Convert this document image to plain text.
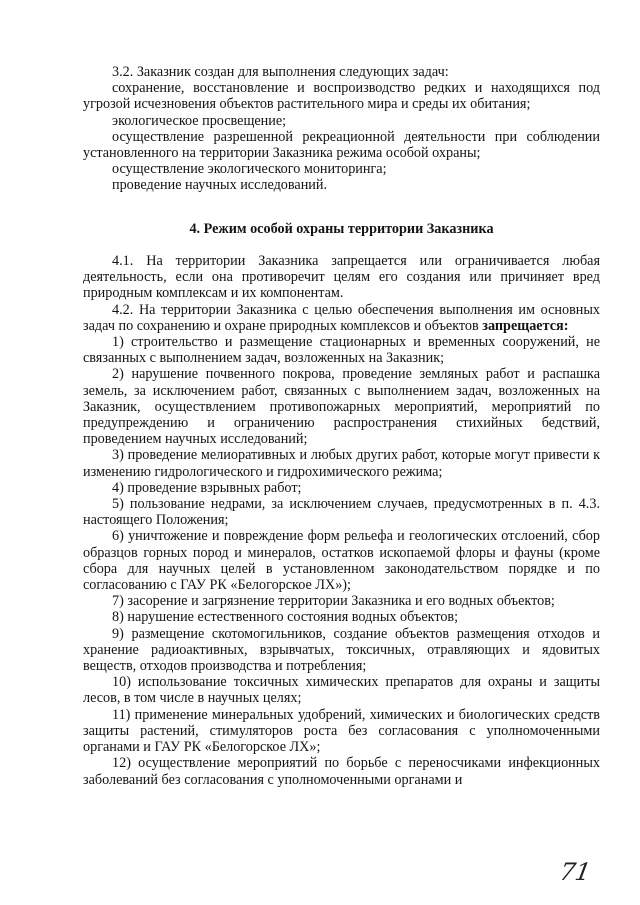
3.2. Заказник создан для выполнения следующих задач:

сохранение, восстановление и воспроизводство редких и находящихся под угрозой исчезновения объектов растительного мира и среды их обитания;

экологическое просвещение;

осуществление разрешенной рекреационной деятельности при соблюдении установленного на территории Заказника режима особой охраны;

осуществление экологического мониторинга;

проведение научных исследований.

4. Режим особой охраны территории Заказника

4.1. На территории Заказника запрещается или ограничивается любая деятельность, если она противоречит целям его создания или причиняет вред природным комплексам и их компонентам.

4.2. На территории Заказника с целью обеспечения выполнения им основных задач по сохранению и охране природных комплексов и объектов запрещается:

1) строительство и размещение стационарных и временных сооружений, не связанных с выполнением задач, возложенных на Заказник;

2) нарушение почвенного покрова, проведение земляных работ и распашка земель, за исключением работ, связанных с выполнением задач, возложенных на Заказник, осуществлением противопожарных мероприятий, мероприятий по предупреждению и ограничению распространения стихийных бедствий, проведением научных исследований;

3) проведение мелиоративных и любых других работ, которые могут привести к изменению гидрологического и гидрохимического режима;

4) проведение взрывных работ;

5) пользование недрами, за исключением случаев, предусмотренных в п. 4.3. настоящего Положения;

6) уничтожение и повреждение форм рельефа и геологических отслоений, сбор образцов горных пород и минералов, остатков ископаемой флоры и фауны (кроме сбора для научных целей в установленном законодательством порядке и по согласованию с ГАУ РК «Белогорское ЛХ»);

7) засорение и загрязнение территории Заказника и его водных объектов;

8) нарушение естественного состояния водных объектов;

9) размещение скотомогильников, создание объектов размещения отходов и хранение радиоактивных, взрывчатых, токсичных, отравляющих и ядовитых веществ, отходов производства и потребления;

10) использование токсичных химических препаратов для охраны и защиты лесов, в том числе в научных целях;

11) применение минеральных удобрений, химических и биологических средств защиты растений, стимуляторов роста без согласования с уполномоченными органами и ГАУ РК «Белогорское ЛХ»;

12) осуществление мероприятий по борьбе с переносчиками инфекционных заболеваний без согласования с уполномоченными органами и

71
